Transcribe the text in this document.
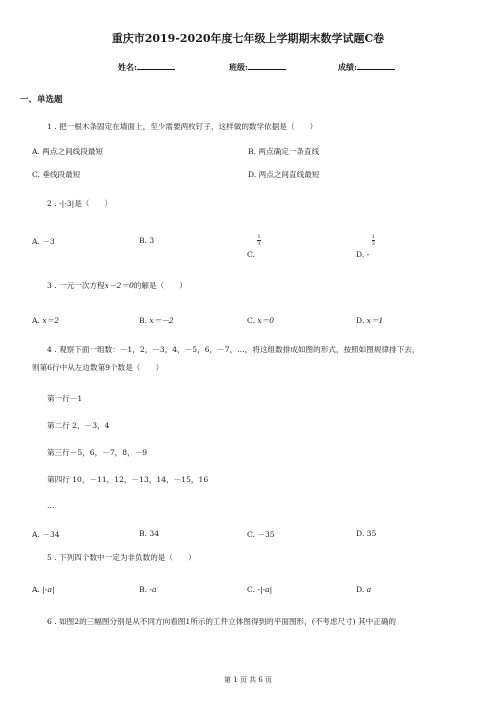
重庆市2019-2020年度七年级上学期期末数学试题C卷
姓名:	班级:	成绩:
一、单选题
1 . 把一根木条固定在墙面上，至少需要两枚钉子，这样做的数学依据是（　　）
A. 两点之间线段最短	B. 两点确定一条直线
C. 垂线段最短	D. 两点之间直线最短
2 . -|-3|是（　　）
A. －3	B. 3
C. $\frac{1}{3}$
D. - $\frac{1}{3}$
3 . 一元一次方程x－2＝0的解是（　　）
A. x＝2	B. x＝－2	C. x＝0	D. x＝1
4 . 观察下面一组数：－1，2，－3，4，－5，6，－7，…，将这组数排成如图的形式，按照如图规律排下去，
则第6行中从左边数第9个数是（　　）
第一行－1
第二行 2，－3，4
第三行－5，6，－7，8，－9
第四行 10，－11，12，－13，14，－15，16
…
A. －34	B. 34	C. －35	D. 35
5 . 下列四个数中一定为非负数的是（　　）
A. |-a|	B. -a	C. -|-a|	D. a
6 . 如图2的三幅图分别是从不同方向看图1所示的工件立体图得到的平面图形，(不考虑尺寸) 其中正确的
第 1 页 共 6 页
